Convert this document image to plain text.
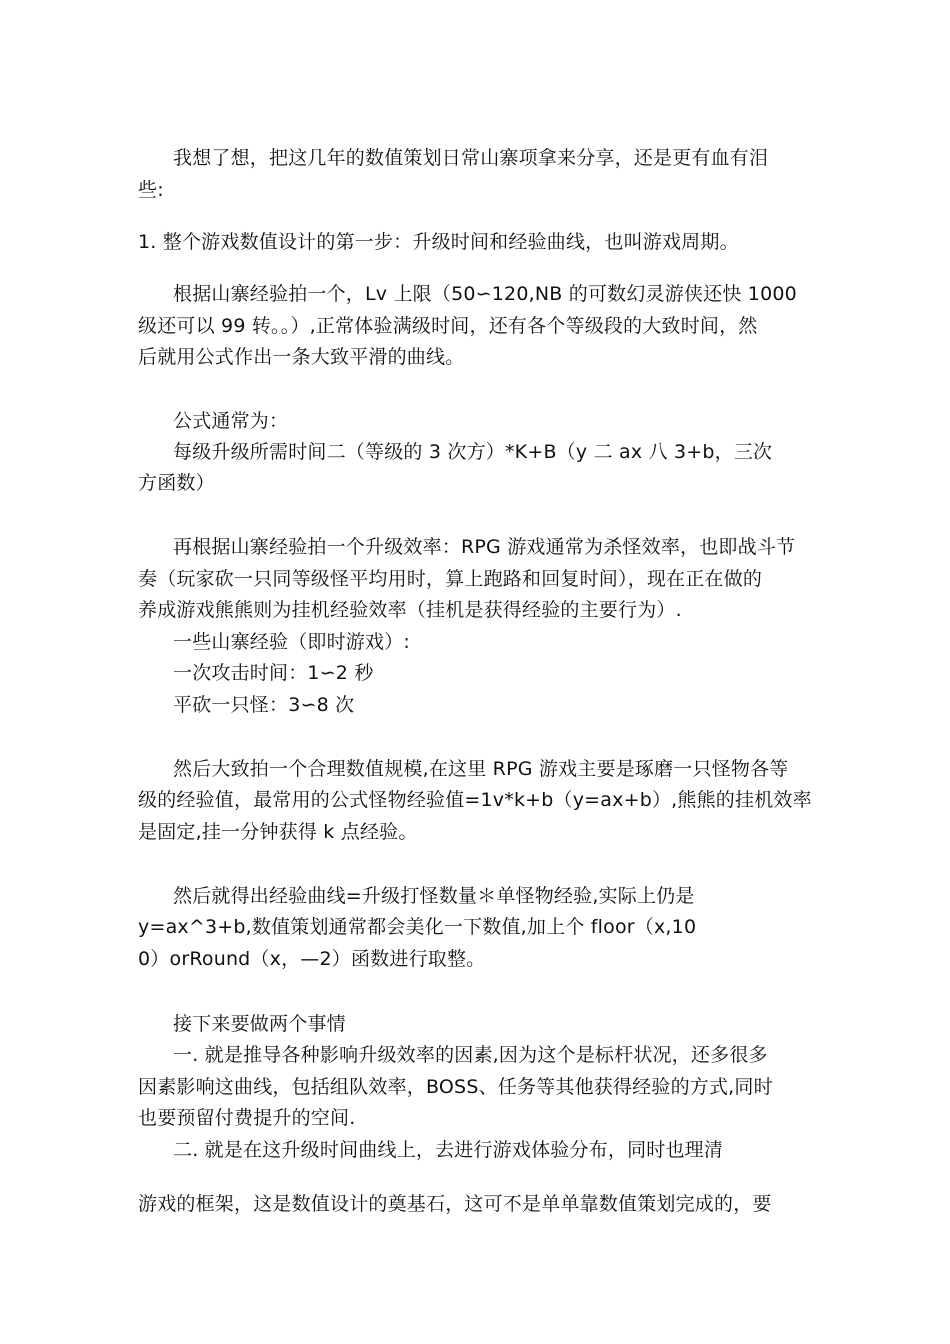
我想了想，把这几年的数值策划日常山寨项拿来分享，还是更有血有泪

些:

1. 整个游戏数值设计的第一步：升级时间和经验曲线，也叫游戏周期。

根据山寨经验拍一个，Lv 上限（50∽120,NB 的可数幻灵游侠还快 1000

级还可以 99 转。。）,正常体验满级时间，还有各个等级段的大致时间，然

后就用公式作出一条大致平滑的曲线。

公式通常为：

每级升级所需时间二（等级的 3 次方）*K+B（y 二 ax 八 3+b，三次

方函数）

再根据山寨经验拍一个升级效率：RPG 游戏通常为杀怪效率，也即战斗节

奏（玩家砍一只同等级怪平均用时，算上跑路和回复时间），现在正在做的

养成游戏熊熊则为挂机经验效率（挂机是获得经验的主要行为）.

一些山寨经验（即时游戏）:

一次攻击时间：1∽2 秒

平砍一只怪：3∽8 次

然后大致拍一个合理数值规模,在这里 RPG 游戏主要是琢磨一只怪物各等

级的经验值，最常用的公式怪物经验值=1v*k+b（y=ax+b）,熊熊的挂机效率

是固定,挂一分钟获得 k 点经验。

然后就得出经验曲线=升级打怪数量＊单怪物经验,实际上仍是

y=ax^3+b,数值策划通常都会美化一下数值,加上个 floor（x,10

0）orRound（x，—2）函数进行取整。

接下来要做两个事情

一. 就是推导各种影响升级效率的因素,因为这个是标杆状况，还多很多

因素影响这曲线，包括组队效率，BOSS、任务等其他获得经验的方式,同时

也要预留付费提升的空间.

二. 就是在这升级时间曲线上，去进行游戏体验分布，同时也理清

游戏的框架，这是数值设计的奠基石，这可不是单单靠数值策划完成的，要
